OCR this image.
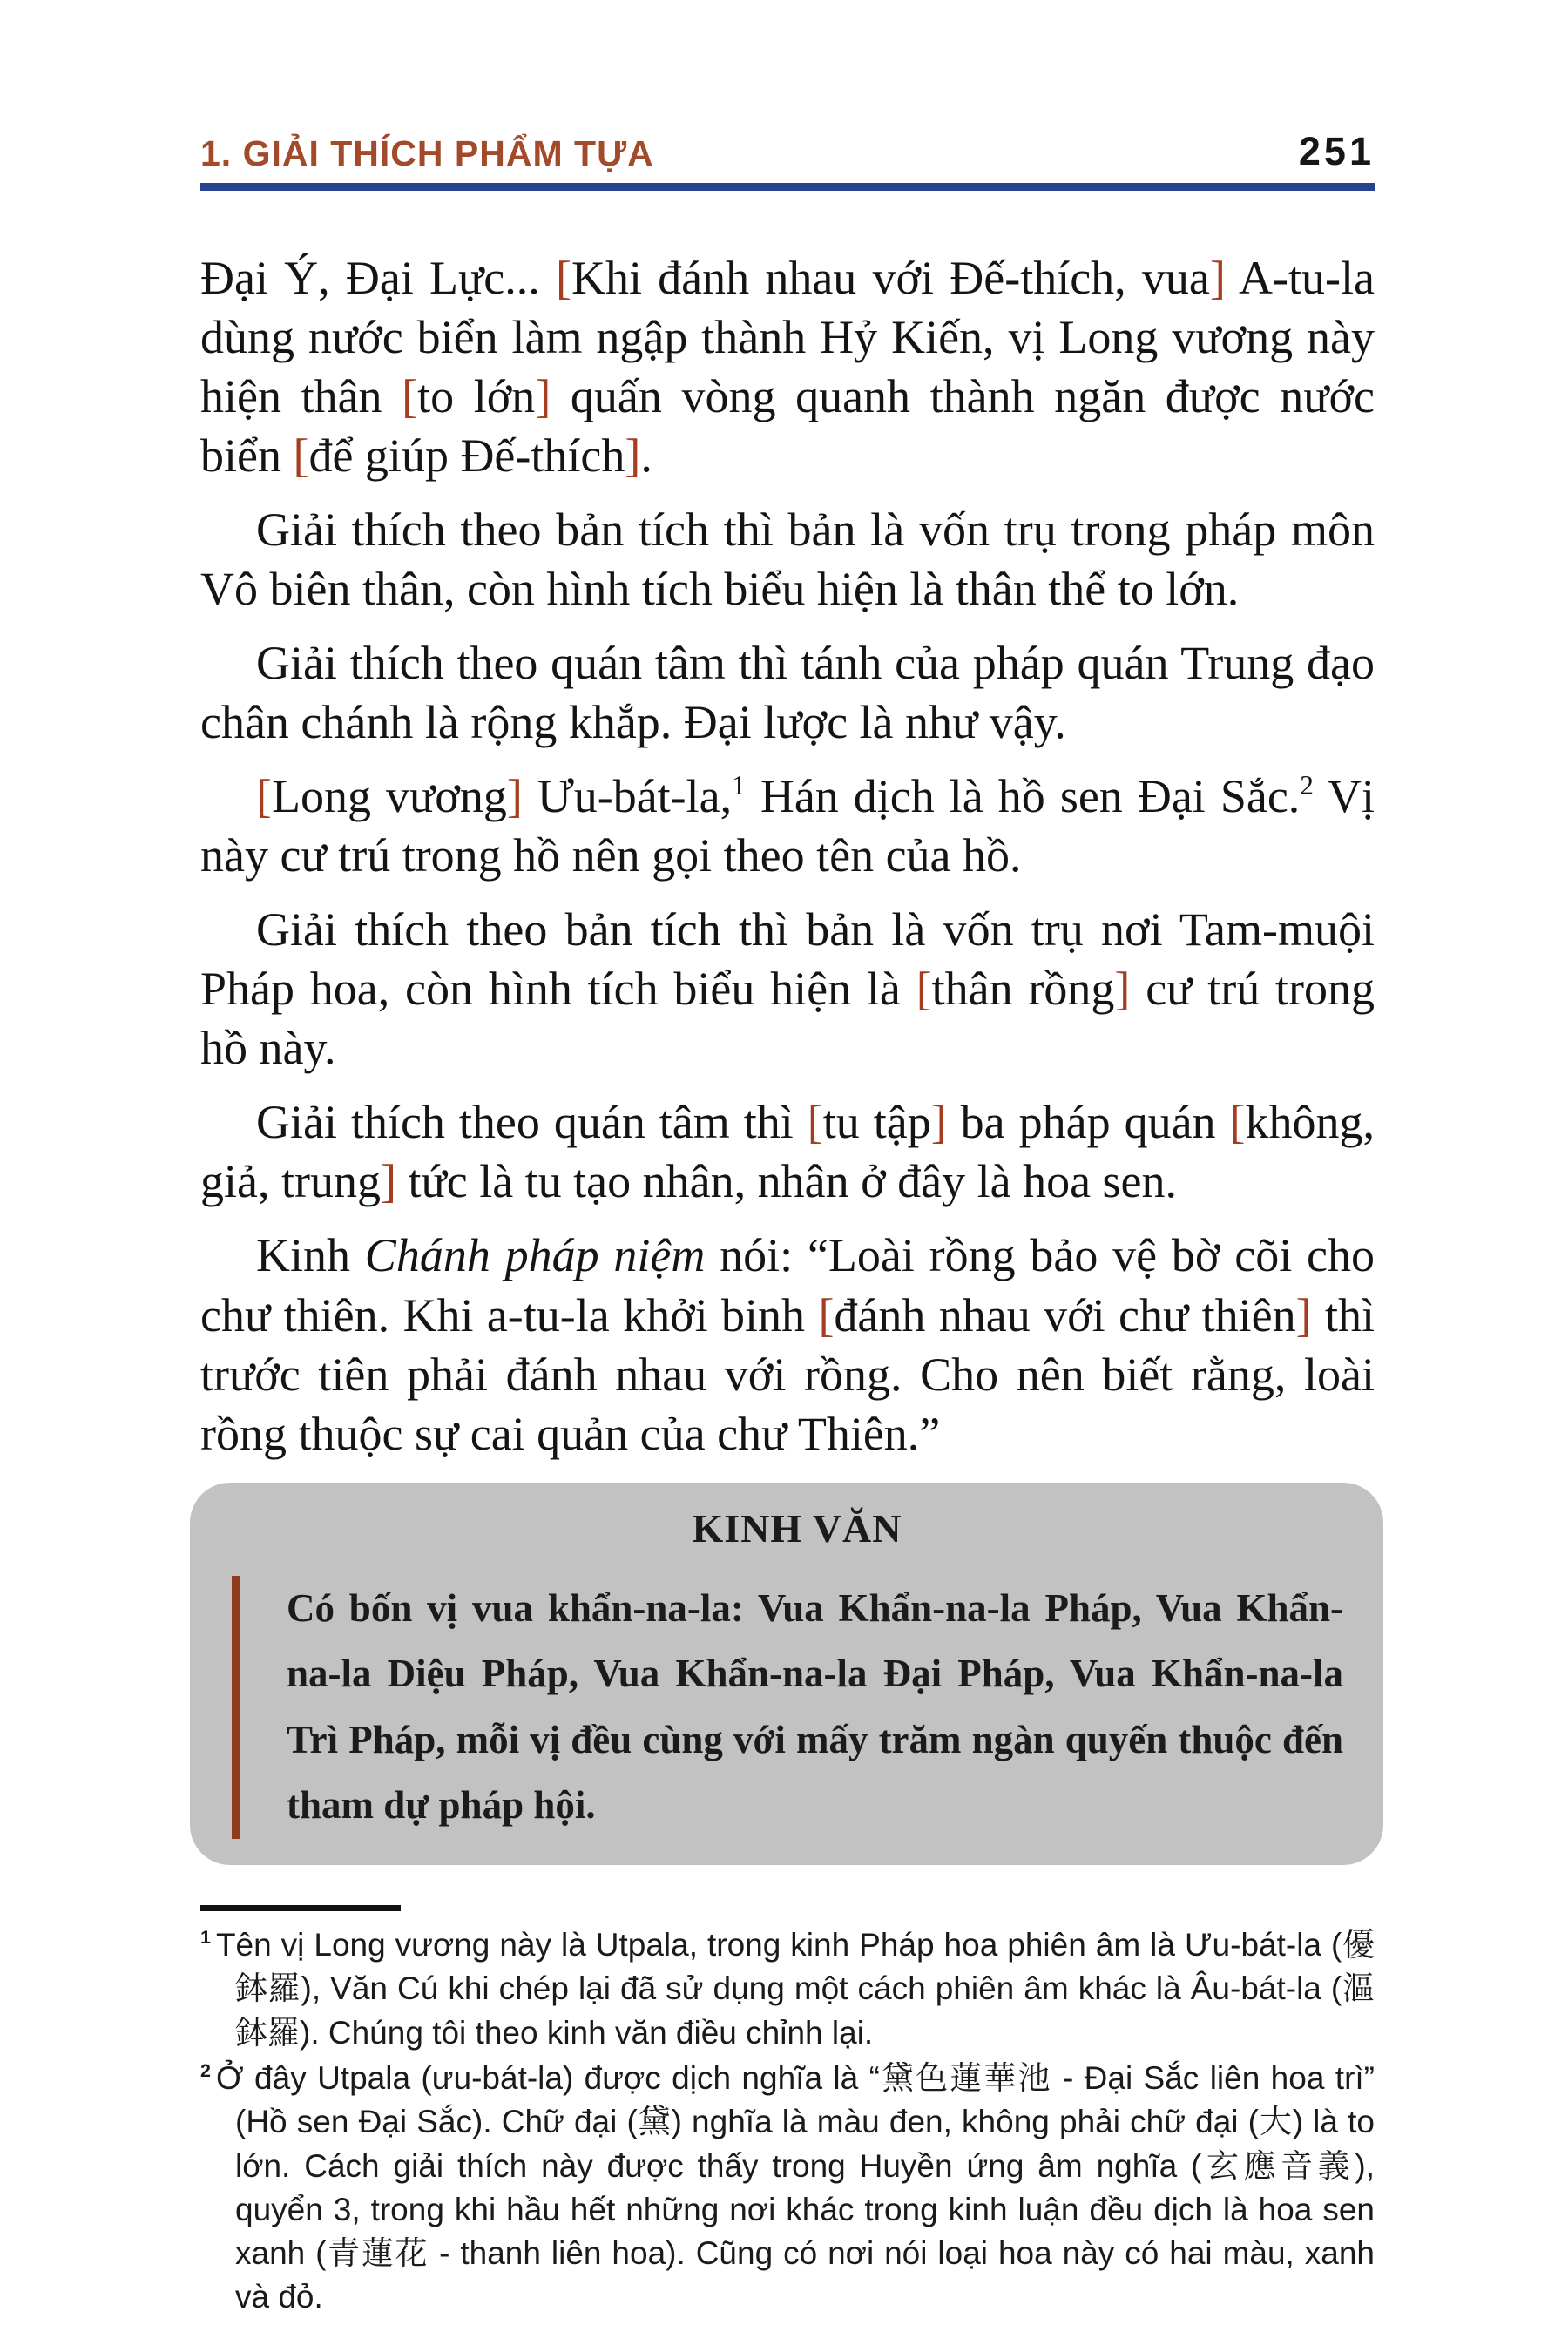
1. GIẢI THÍCH PHẨM TỰA	251

Đại Ý, Đại Lực... [Khi đánh nhau với Đế-thích, vua] A-tu-la dùng nước biển làm ngập thành Hỷ Kiến, vị Long vương này hiện thân [to lớn] quấn vòng quanh thành ngăn được nước biển [để giúp Đế-thích].

Giải thích theo bản tích thì bản là vốn trụ trong pháp môn Vô biên thân, còn hình tích biểu hiện là thân thể to lớn.

Giải thích theo quán tâm thì tánh của pháp quán Trung đạo chân chánh là rộng khắp. Đại lược là như vậy.

[Long vương] Ưu-bát-la,$^1$ Hán dịch là hồ sen Đại Sắc.$^2$ Vị này cư trú trong hồ nên gọi theo tên của hồ.

Giải thích theo bản tích thì bản là vốn trụ nơi Tam-muội Pháp hoa, còn hình tích biểu hiện là [thân rồng] cư trú trong hồ này.

Giải thích theo quán tâm thì [tu tập] ba pháp quán [không, giả, trung] tức là tu tạo nhân, nhân ở đây là hoa sen.

Kinh Chánh pháp niệm nói: “Loài rồng bảo vệ bờ cõi cho chư thiên. Khi a-tu-la khởi binh [đánh nhau với chư thiên] thì trước tiên phải đánh nhau với rồng. Cho nên biết rằng, loài rồng thuộc sự cai quản của chư Thiên.”

KINH VĂN

Có bốn vị vua khẩn-na-la: Vua Khẩn-na-la Pháp, Vua Khẩn-na-la Diệu Pháp, Vua Khẩn-na-la Đại Pháp, Vua Khẩn-na-la Trì Pháp, mỗi vị đều cùng với mấy trăm ngàn quyến thuộc đến tham dự pháp hội.

$^1$ Tên vị Long vương này là Utpala, trong kinh Pháp hoa phiên âm là Ưu-bát-la (優鉢羅), Văn Cú khi chép lại đã sử dụng một cách phiên âm khác là Âu-bát-la (漚鉢羅). Chúng tôi theo kinh văn điều chỉnh lại.
$^2$ Ở đây Utpala (ưu-bát-la) được dịch nghĩa là “黛色蓮華池 - Đại Sắc liên hoa trì” (Hồ sen Đại Sắc). Chữ đại (黛) nghĩa là màu đen, không phải chữ đại (大) là to lớn. Cách giải thích này được thấy trong Huyền ứng âm nghĩa (玄應音義), quyển 3, trong khi hầu hết những nơi khác trong kinh luận đều dịch là hoa sen xanh (青蓮花 - thanh liên hoa). Cũng có nơi nói loại hoa này có hai màu, xanh và đỏ.
